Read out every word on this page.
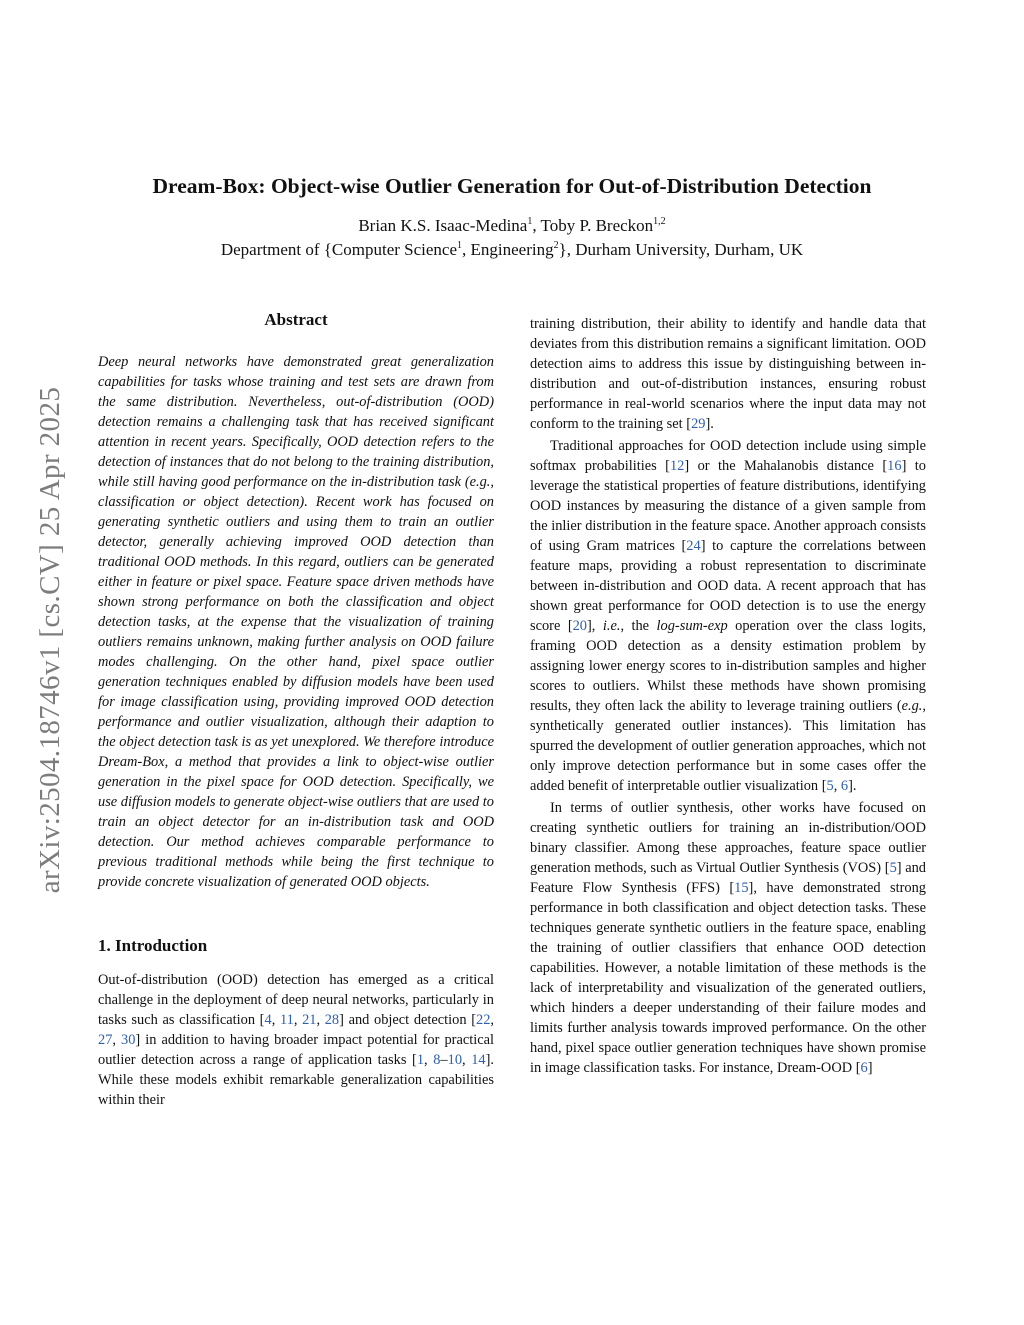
arXiv:2504.18746v1 [cs.CV] 25 Apr 2025
Dream-Box: Object-wise Outlier Generation for Out-of-Distribution Detection
Brian K.S. Isaac-Medina$^1$, Toby P. Breckon$^{1,2}$
Department of {Computer Science$^1$, Engineering$^2$}, Durham University, Durham, UK
Abstract

Deep neural networks have demonstrated great generalization capabilities for tasks whose training and test sets are drawn from the same distribution. Nevertheless, out-of-distribution (OOD) detection remains a challenging task that has received significant attention in recent years. Specifically, OOD detection refers to the detection of instances that do not belong to the training distribution, while still having good performance on the in-distribution task (e.g., classification or object detection). Recent work has focused on generating synthetic outliers and using them to train an outlier detector, generally achieving improved OOD detection than traditional OOD methods. In this regard, outliers can be generated either in feature or pixel space. Feature space driven methods have shown strong performance on both the classification and object detection tasks, at the expense that the visualization of training outliers remains unknown, making further analysis on OOD failure modes challenging. On the other hand, pixel space outlier generation techniques enabled by diffusion models have been used for image classification using, providing improved OOD detection performance and outlier visualization, although their adaption to the object detection task is as yet unexplored. We therefore introduce Dream-Box, a method that provides a link to object-wise outlier generation in the pixel space for OOD detection. Specifically, we use diffusion models to generate object-wise outliers that are used to train an object detector for an in-distribution task and OOD detection. Our method achieves comparable performance to previous traditional methods while being the first technique to provide concrete visualization of generated OOD objects.

1. Introduction

Out-of-distribution (OOD) detection has emerged as a critical challenge in the deployment of deep neural networks, particularly in tasks such as classification [4, 11, 21, 28] and object detection [22, 27, 30] in addition to having broader impact potential for practical outlier detection across a range of application tasks [1, 8–10, 14]. While these models exhibit remarkable generalization capabilities within their

training distribution, their ability to identify and handle data that deviates from this distribution remains a significant limitation. OOD detection aims to address this issue by distinguishing between in-distribution and out-of-distribution instances, ensuring robust performance in real-world scenarios where the input data may not conform to the training set [29].

Traditional approaches for OOD detection include using simple softmax probabilities [12] or the Mahalanobis distance [16] to leverage the statistical properties of feature distributions, identifying OOD instances by measuring the distance of a given sample from the inlier distribution in the feature space. Another approach consists of using Gram matrices [24] to capture the correlations between feature maps, providing a robust representation to discriminate between in-distribution and OOD data. A recent approach that has shown great performance for OOD detection is to use the energy score [20], i.e., the log-sum-exp operation over the class logits, framing OOD detection as a density estimation problem by assigning lower energy scores to in-distribution samples and higher scores to outliers. Whilst these methods have shown promising results, they often lack the ability to leverage training outliers (e.g., synthetically generated outlier instances). This limitation has spurred the development of outlier generation approaches, which not only improve detection performance but in some cases offer the added benefit of interpretable outlier visualization [5, 6].

In terms of outlier synthesis, other works have focused on creating synthetic outliers for training an in-distribution/OOD binary classifier. Among these approaches, feature space outlier generation methods, such as Virtual Outlier Synthesis (VOS) [5] and Feature Flow Synthesis (FFS) [15], have demonstrated strong performance in both classification and object detection tasks. These techniques generate synthetic outliers in the feature space, enabling the training of outlier classifiers that enhance OOD detection capabilities. However, a notable limitation of these methods is the lack of interpretability and visualization of the generated outliers, which hinders a deeper understanding of their failure modes and limits further analysis towards improved performance. On the other hand, pixel space outlier generation techniques have shown promise in image classification tasks. For instance, Dream-OOD [6]
